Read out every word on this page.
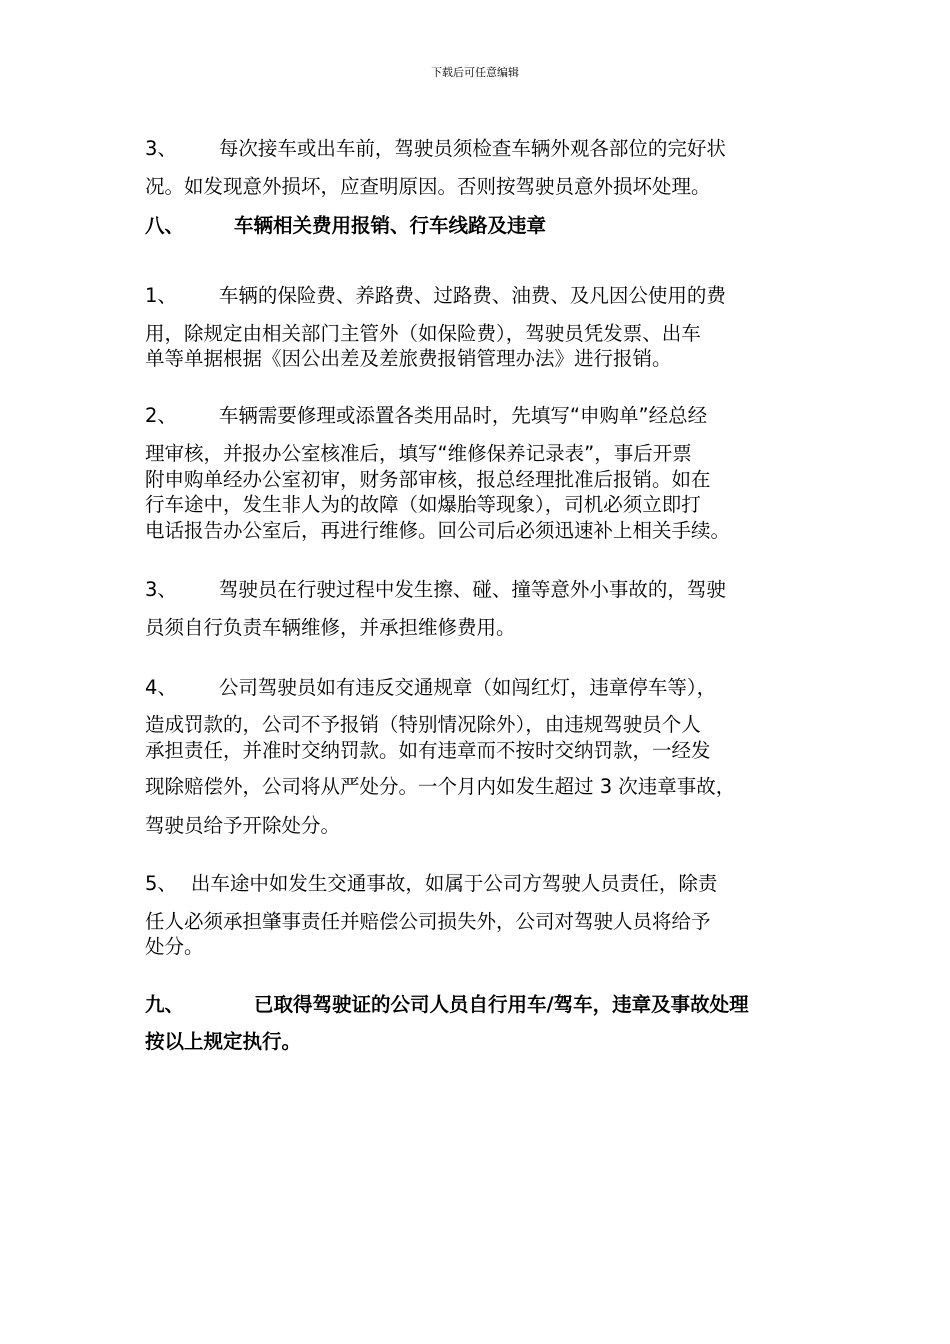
下载后可任意编辑
3、 每次接车或出车前，驾驶员须检查车辆外观各部位的完好状
况。如发现意外损坏，应查明原因。否则按驾驶员意外损坏处理。
八、	车辆相关费用报销、行车线路及违章
1、 车辆的保险费、养路费、过路费、油费、及凡因公使用的费
用，除规定由相关部门主管外（如保险费），驾驶员凭发票、出车
单等单据根据《因公出差及差旅费报销管理办法》进行报销。
2、 车辆需要修理或添置各类用品时，先填写“申购单”经总经
理审核，并报办公室核准后，填写“维修保养记录表”，事后开票
附申购单经办公室初审，财务部审核，报总经理批准后报销。如在
行车途中，发生非人为的故障（如爆胎等现象），司机必须立即打
电话报告办公室后，再进行维修。回公司后必须迅速补上相关手续。
3、 驾驶员在行驶过程中发生擦、碰、撞等意外小事故的，驾驶
员须自行负责车辆维修，并承担维修费用。
4、 公司驾驶员如有违反交通规章（如闯红灯，违章停车等），
造成罚款的，公司不予报销（特别情况除外），由违规驾驶员个人
承担责任，并准时交纳罚款。如有违章而不按时交纳罚款，一经发
现除赔偿外，公司将从严处分。一个月内如发生超过 3 次违章事故，
驾驶员给予开除处分。
5、 出车途中如发生交通事故，如属于公司方驾驶人员责任，除责
任人必须承担肇事责任并赔偿公司损失外，公司对驾驶人员将给予
处分。
九、	已取得驾驶证的公司人员自行用车/驾车，违章及事故处理
按以上规定执行。
